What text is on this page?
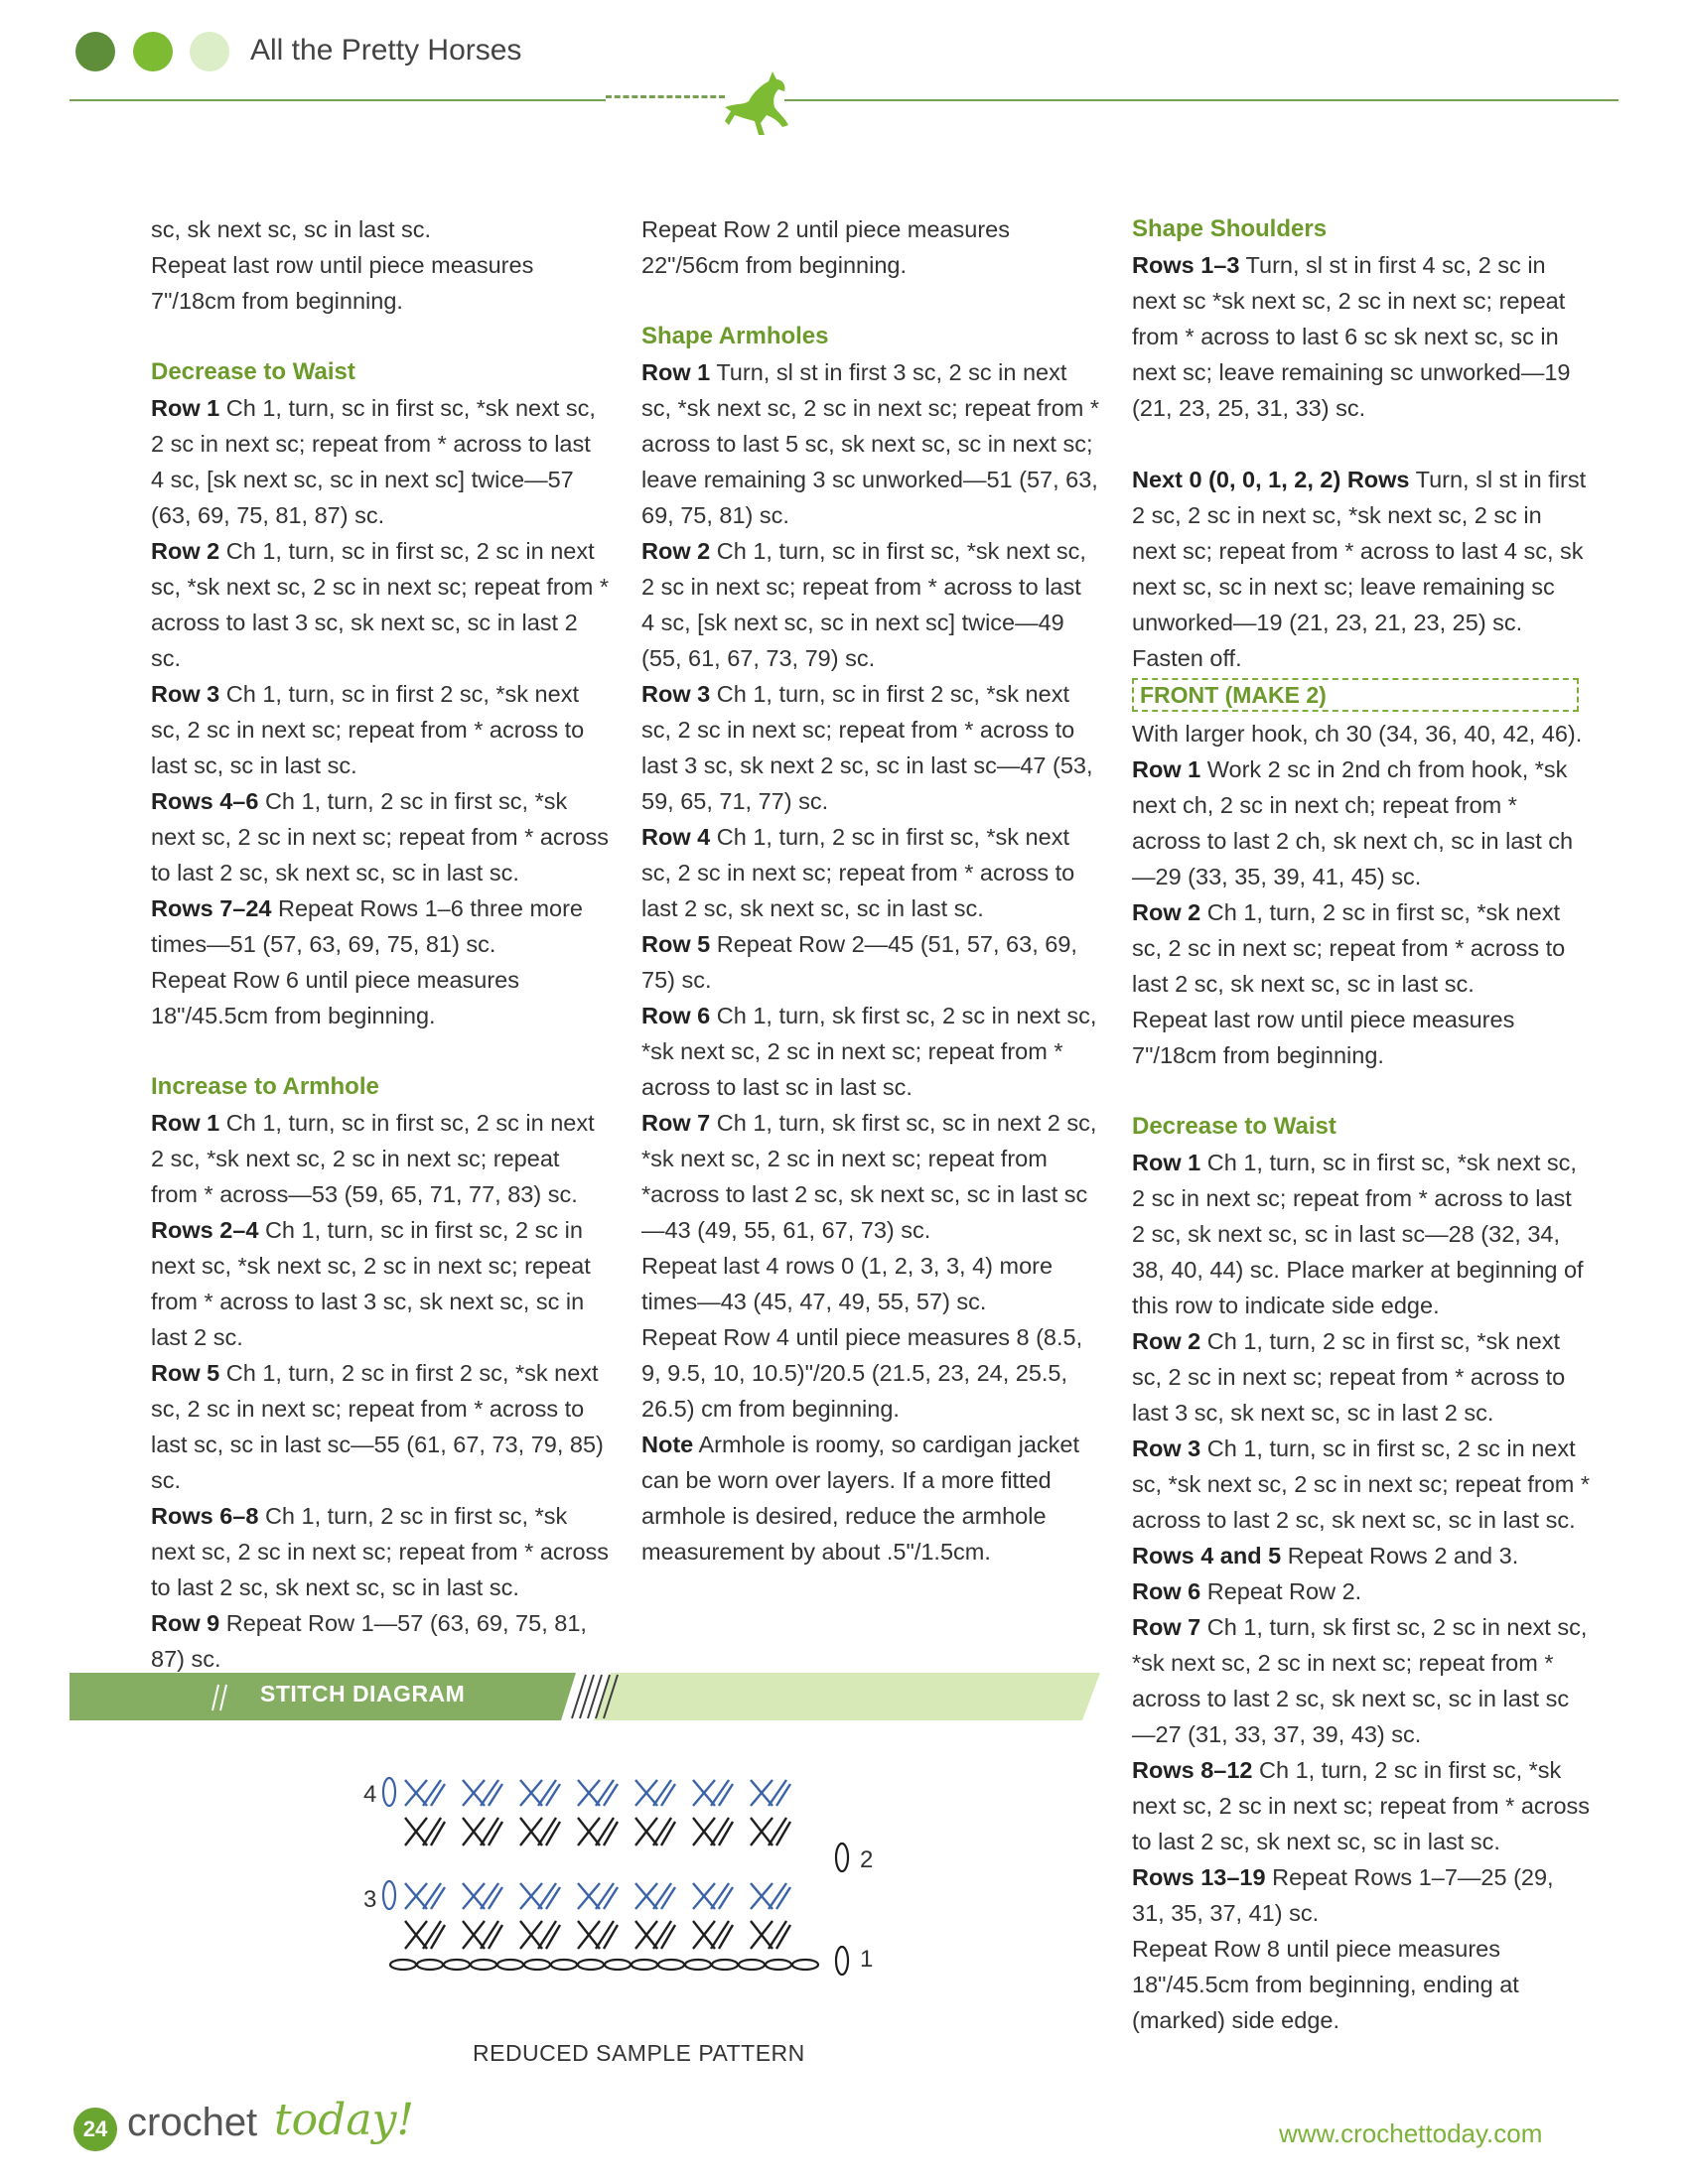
All the Pretty Horses

sc, sk next sc, sc in last sc.

Repeat last row until piece measures 7"/18cm from beginning.

Decrease to Waist

Row 1 Ch 1, turn, sc in first sc, *sk next sc, 2 sc in next sc; repeat from * across to last 4 sc, [sk next sc, sc in next sc] twice—57 (63, 69, 75, 81, 87) sc.

Row 2 Ch 1, turn, sc in first sc, 2 sc in next sc, *sk next sc, 2 sc in next sc; repeat from * across to last 3 sc, sk next sc, sc in last 2 sc.

Row 3 Ch 1, turn, sc in first 2 sc, *sk next sc, 2 sc in next sc; repeat from * across to last sc, sc in last sc.

Rows 4–6 Ch 1, turn, 2 sc in first sc, *sk next sc, 2 sc in next sc; repeat from * across to last 2 sc, sk next sc, sc in last sc.

Rows 7–24 Repeat Rows 1–6 three more times—51 (57, 63, 69, 75, 81) sc.

Repeat Row 6 until piece measures 18"/45.5cm from beginning.

Increase to Armhole

Row 1 Ch 1, turn, sc in first sc, 2 sc in next 2 sc, *sk next sc, 2 sc in next sc; repeat from * across—53 (59, 65, 71, 77, 83) sc.

Rows 2–4 Ch 1, turn, sc in first sc, 2 sc in next sc, *sk next sc, 2 sc in next sc; repeat from * across to last 3 sc, sk next sc, sc in last 2 sc.

Row 5 Ch 1, turn, 2 sc in first 2 sc, *sk next sc, 2 sc in next sc; repeat from * across to last sc, sc in last sc—55 (61, 67, 73, 79, 85) sc.

Rows 6–8 Ch 1, turn, 2 sc in first sc, *sk next sc, 2 sc in next sc; repeat from * across to last 2 sc, sk next sc, sc in last sc.

Row 9 Repeat Row 1—57 (63, 69, 75, 81, 87) sc.

Repeat Row 2 until piece measures 22"/56cm from beginning.

Shape Armholes

Row 1 Turn, sl st in first 3 sc, 2 sc in next sc, *sk next sc, 2 sc in next sc; repeat from * across to last 5 sc, sk next sc, sc in next sc; leave remaining 3 sc unworked—51 (57, 63, 69, 75, 81) sc.

Row 2 Ch 1, turn, sc in first sc, *sk next sc, 2 sc in next sc; repeat from * across to last 4 sc, [sk next sc, sc in next sc] twice—49 (55, 61, 67, 73, 79) sc.

Row 3 Ch 1, turn, sc in first 2 sc, *sk next sc, 2 sc in next sc; repeat from * across to last 3 sc, sk next 2 sc, sc in last sc—47 (53, 59, 65, 71, 77) sc.

Row 4 Ch 1, turn, 2 sc in first sc, *sk next sc, 2 sc in next sc; repeat from * across to last 2 sc, sk next sc, sc in last sc.

Row 5 Repeat Row 2—45 (51, 57, 63, 69, 75) sc.

Row 6 Ch 1, turn, sk first sc, 2 sc in next sc, *sk next sc, 2 sc in next sc; repeat from * across to last sc in last sc.

Row 7 Ch 1, turn, sk first sc, sc in next 2 sc, *sk next sc, 2 sc in next sc; repeat from *across to last 2 sc, sk next sc, sc in last sc—43 (49, 55, 61, 67, 73) sc.

Repeat last 4 rows 0 (1, 2, 3, 3, 4) more times—43 (45, 47, 49, 55, 57) sc.

Repeat Row 4 until piece measures 8 (8.5, 9, 9.5, 10, 10.5)"/20.5 (21.5, 23, 24, 25.5, 26.5) cm from beginning.

Note Armhole is roomy, so cardigan jacket can be worn over layers. If a more fitted armhole is desired, reduce the armhole measurement by about .5"/1.5cm.

Shape Shoulders

Rows 1–3 Turn, sl st in first 4 sc, 2 sc in next sc *sk next sc, 2 sc in next sc; repeat from * across to last 6 sc sk next sc, sc in next sc; leave remaining sc unworked—19 (21, 23, 25, 31, 33) sc.

Next 0 (0, 0, 1, 2, 2) Rows Turn, sl st in first 2 sc, 2 sc in next sc, *sk next sc, 2 sc in next sc; repeat from * across to last 4 sc, sk next sc, sc in next sc; leave remaining sc unworked—19 (21, 23, 21, 23, 25) sc.

Fasten off.

FRONT (MAKE 2)

With larger hook, ch 30 (34, 36, 40, 42, 46).

Row 1 Work 2 sc in 2nd ch from hook, *sk next ch, 2 sc in next ch; repeat from * across to last 2 ch, sk next ch, sc in last ch—29 (33, 35, 39, 41, 45) sc.

Row 2 Ch 1, turn, 2 sc in first sc, *sk next sc, 2 sc in next sc; repeat from * across to last 2 sc, sk next sc, sc in last sc.

Repeat last row until piece measures 7"/18cm from beginning.

Decrease to Waist

Row 1 Ch 1, turn, sc in first sc, *sk next sc, 2 sc in next sc; repeat from * across to last 2 sc, sk next sc, sc in last sc—28 (32, 34, 38, 40, 44) sc. Place marker at beginning of this row to indicate side edge.

Row 2 Ch 1, turn, 2 sc in first sc, *sk next sc, 2 sc in next sc; repeat from * across to last 3 sc, sk next sc, sc in last 2 sc.

Row 3 Ch 1, turn, sc in first sc, 2 sc in next sc, *sk next sc, 2 sc in next sc; repeat from * across to last 2 sc, sk next sc, sc in last sc.

Rows 4 and 5 Repeat Rows 2 and 3.

Row 6 Repeat Row 2.

Row 7 Ch 1, turn, sk first sc, 2 sc in next sc, *sk next sc, 2 sc in next sc; repeat from * across to last 2 sc, sk next sc, sc in last sc—27 (31, 33, 37, 39, 43) sc.

Rows 8–12 Ch 1, turn, 2 sc in first sc, *sk next sc, 2 sc in next sc; repeat from * across to last 2 sc, sk next sc, sc in last sc.

Rows 13–19 Repeat Rows 1–7—25 (29, 31, 35, 37, 41) sc.

Repeat Row 8 until piece measures 18"/45.5cm from beginning, ending at (marked) side edge.

STITCH DIAGRAM
4
2
3
1
REDUCED SAMPLE PATTERN
24 crochet today!	www.crochettoday.com
